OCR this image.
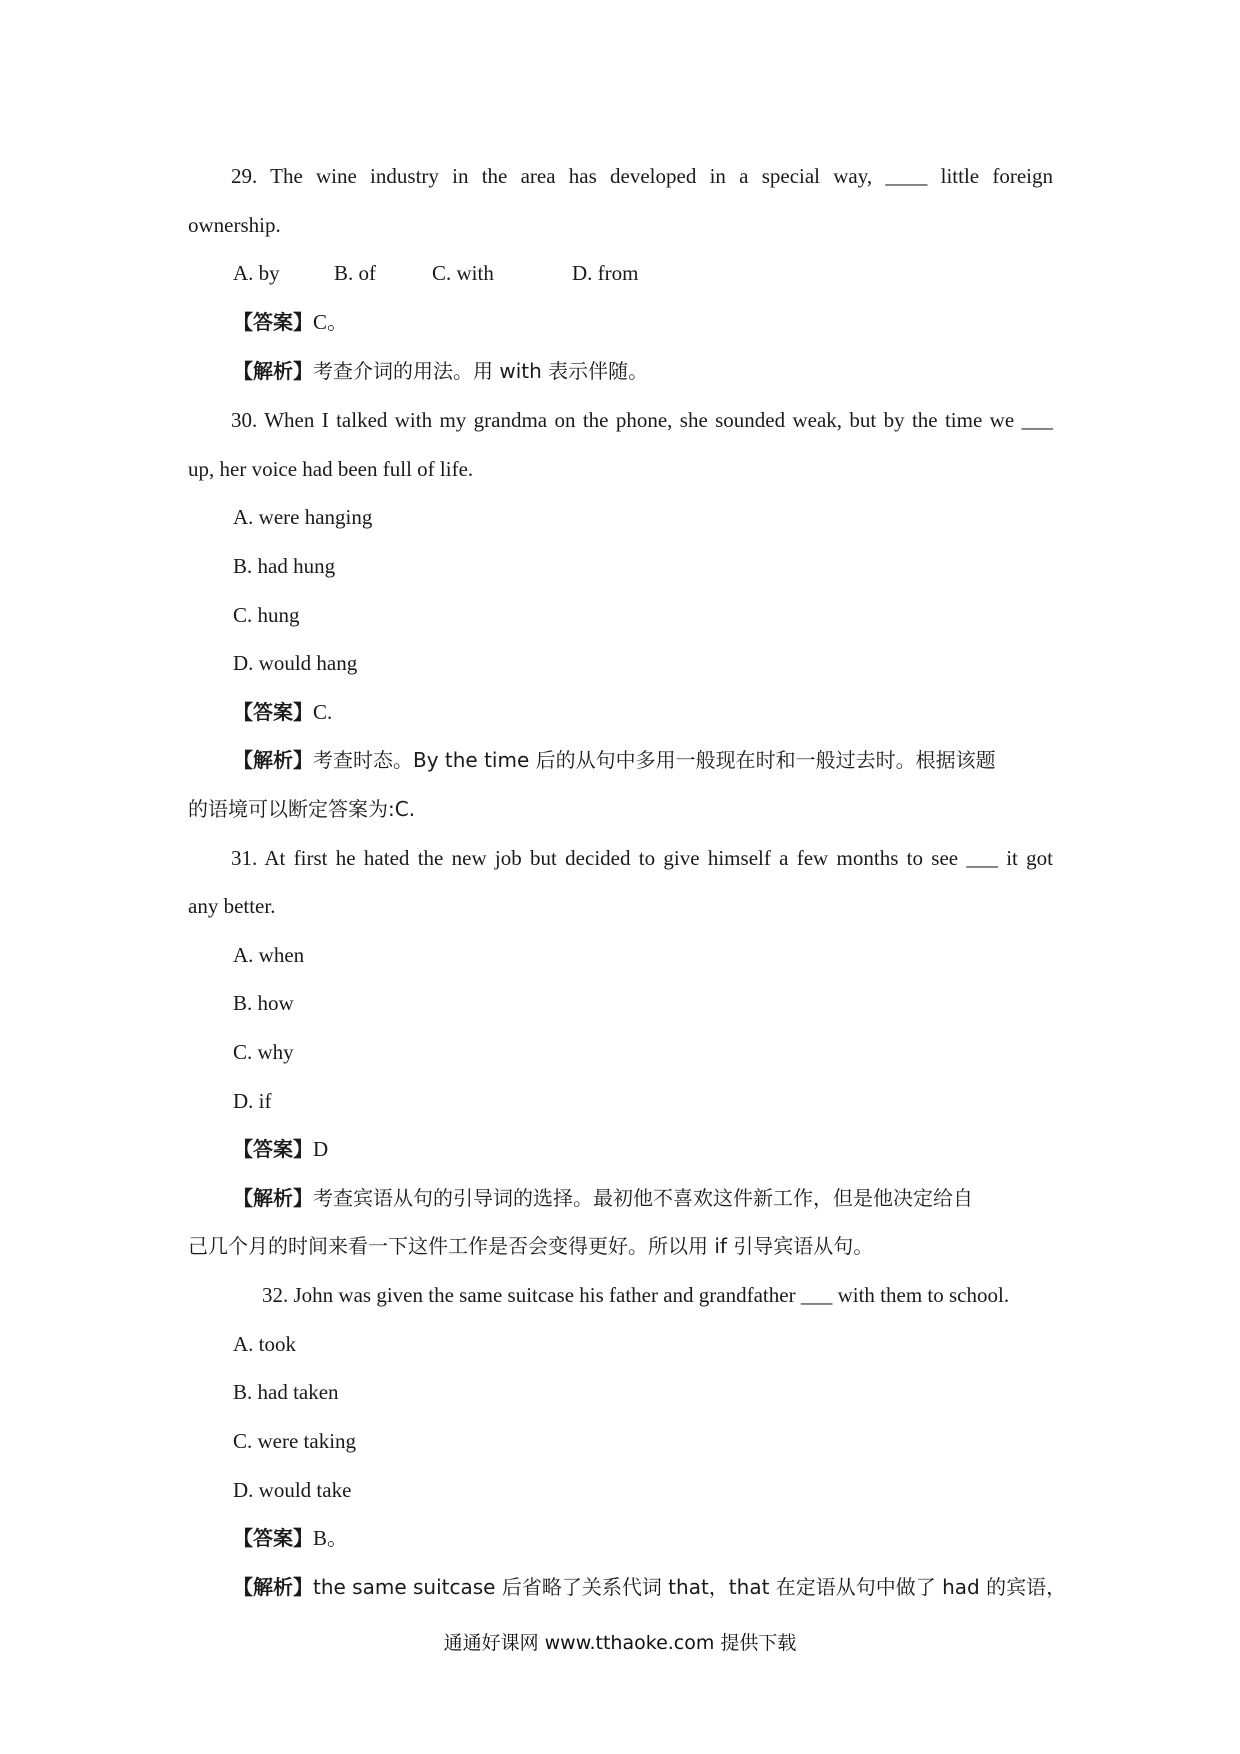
29. The wine industry in the area has developed in a special way, ____ little foreign
ownership.
A. by	B. of	C. with	D. from
【答案】C。
【解析】考查介词的用法。用 with 表示伴随。
30. When I talked with my grandma on the phone, she sounded weak, but by the time we ___
up, her voice had been full of life.
A. were hanging
B. had hung
C. hung
D. would hang
【答案】C.
【解析】考查时态。By the time 后的从句中多用一般现在时和一般过去时。根据该题
的语境可以断定答案为:C.
31. At first he hated the new job but decided to give himself a few months to see ___ it got
any better.
A. when
B. how
C. why
D. if
【答案】D
【解析】考查宾语从句的引导词的选择。最初他不喜欢这件新工作，但是他决定给自
己几个月的时间来看一下这件工作是否会变得更好。所以用 if 引导宾语从句。
32. John was given the same suitcase his father and grandfather ___ with them to school.
A. took
B. had taken
C. were taking
D. would take
【答案】B。
【解析】the same suitcase 后省略了关系代词 that，that 在定语从句中做了 had 的宾语，
通通好课网 www.tthaoke.com 提供下载
